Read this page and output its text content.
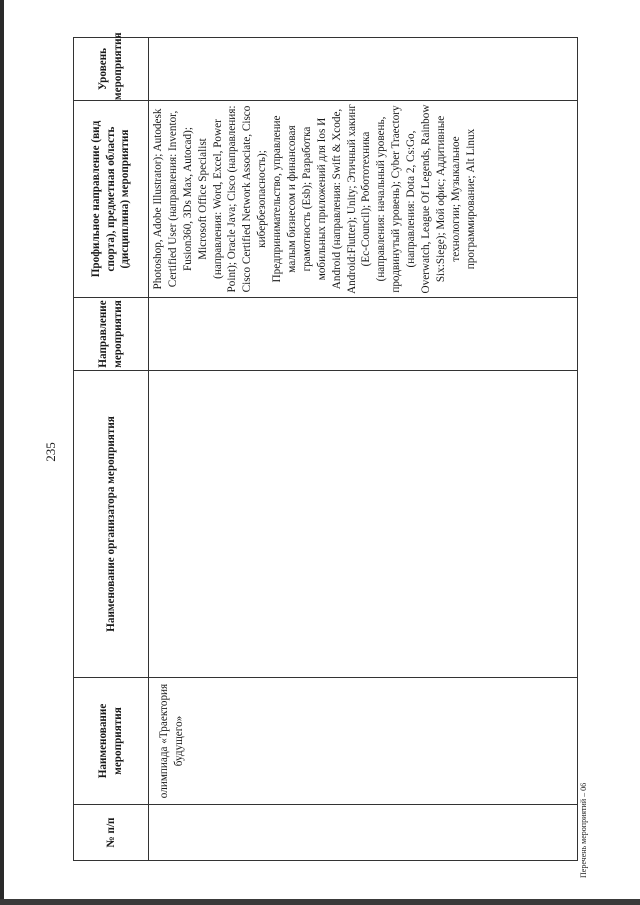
235
№ п/п	Наименование мероприятия	Наименование организатора мероприятия	Направление мероприятия	Профильное направление (вид спорта), предметная область (дисциплина) мероприятия	Уровень мероприятия

	олимпиада «Траектория будущего»			Photoshop, Adobe Illustrator); Autodesk Certified User (направления: Inventor, Fusion360, 3Ds Max, Autocad); Microsoft Office Specialist (направления: Word, Excel, Power Point); Oracle Java; Cisco (направления: Cisco Certified Network Associate, Cisco кибербезопасность); Предпринимательство, управление малым бизнесом и финансовая грамотность (Esb); Разработка мобильных приложений для Ios И Android (направления: Swift & Xcode, Android:Flutter); Unity; Этичный хакинг (Ec-Council); Робототехника (направления: начальный уровень, продвинутый уровень); Cyber Traectory (направления: Dota 2, Cs:Go, Overwatch, League Of Legends, Rainbow Six:Siege); Мой офис; Аддитивные технологии; Музыкальное программирование; Alt Linux	

Перечень мероприятий – 06
